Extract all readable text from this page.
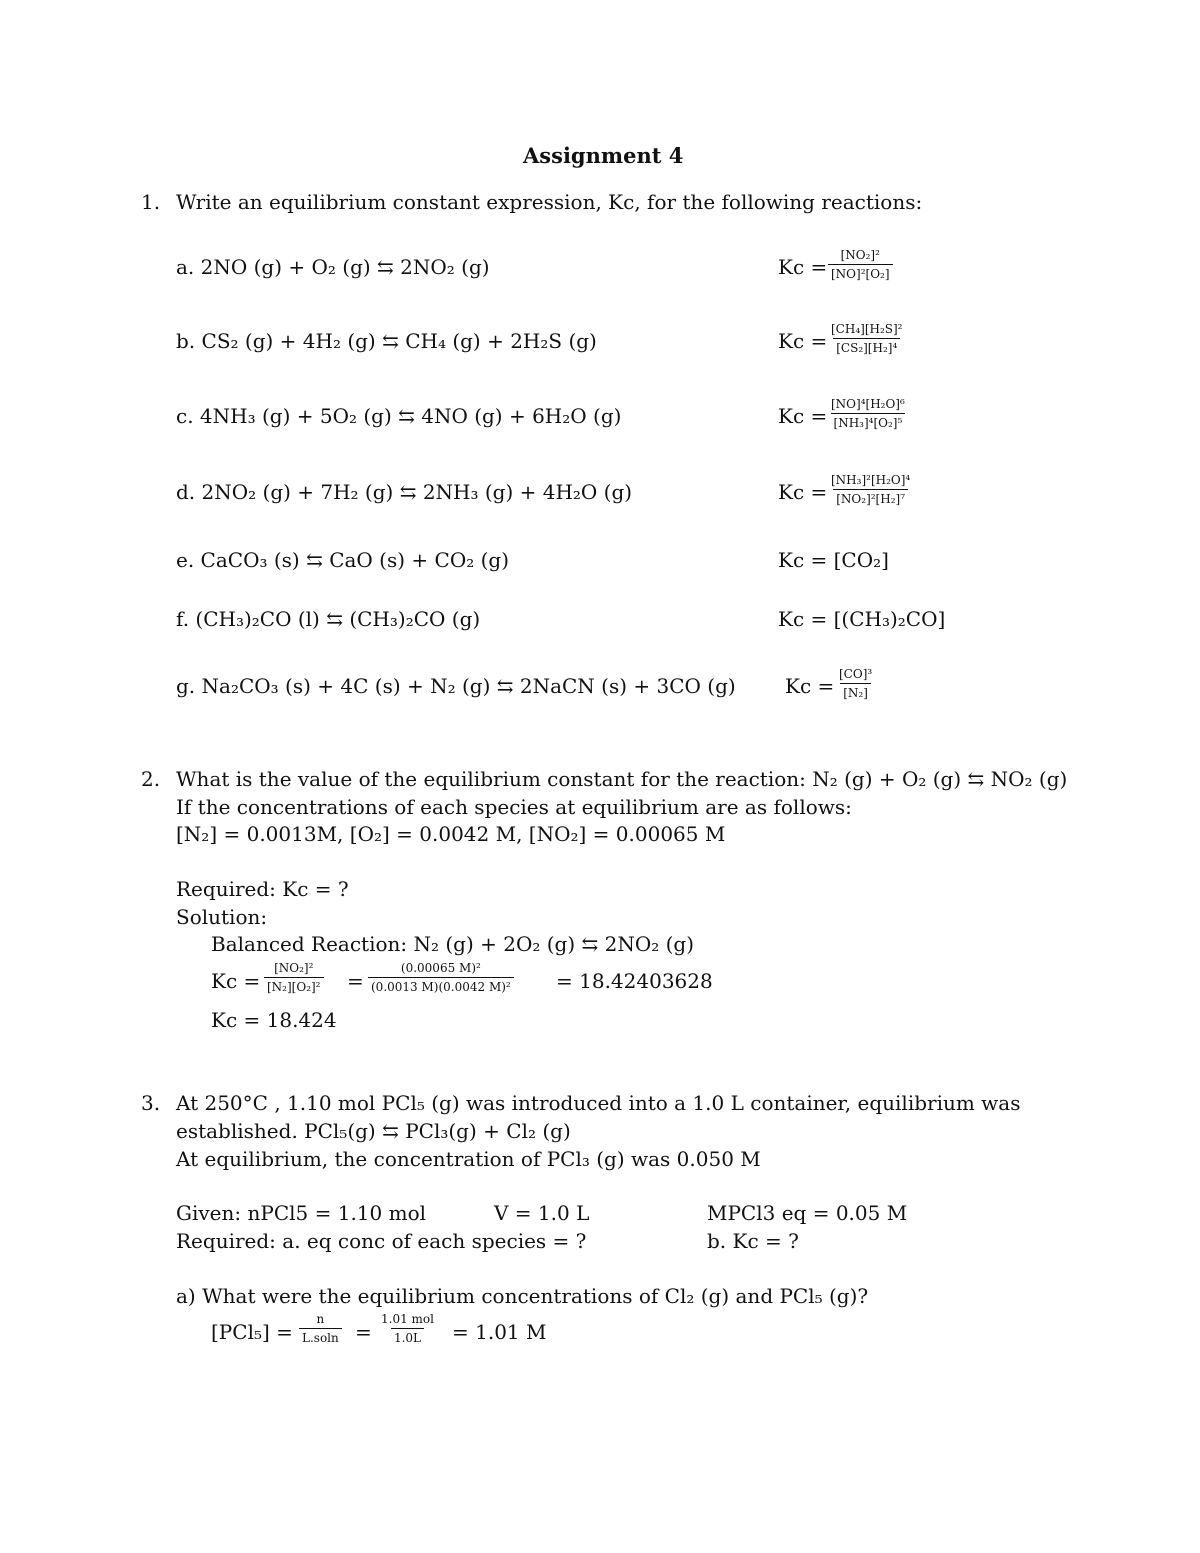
Assignment 4
1. Write an equilibrium constant expression, Kc, for the following reactions:
a. 2NO (g) + O₂ (g) ⇆ 2NO₂ (g)	$Kc = \frac{\text{[NO₂]²}}{\text{[NO]²[O₂]}}$
b. CS₂ (g) + 4H₂ (g) ⇆ CH₄ (g) + 2H₂S (g)	$Kc = \frac{\text{[CH₄][H₂S]²}}{\text{[CS₂][H₂]⁴}}$
c. 4NH₃ (g) + 5O₂ (g) ⇆ 4NO (g) + 6H₂O (g)	$Kc = \frac{\text{[NO]⁴[H₂O]⁶}}{\text{[NH₃]⁴[O₂]⁵}}$
d. 2NO₂ (g) + 7H₂ (g) ⇆ 2NH₃ (g) + 4H₂O (g)	$Kc = \frac{\text{[NH₃]²[H₂O]⁴}}{\text{[NO₂]²[H₂]⁷}}$
e. CaCO₃ (s) ⇆ CaO (s) + CO₂ (g)	Kc = [CO₂]
f. (CH₃)₂CO (l) ⇆ (CH₃)₂CO (g)	Kc = [(CH₃)₂CO]
g. Na₂CO₃ (s) + 4C (s) + N₂ (g) ⇆ 2NaCN (s) + 3CO (g) $Kc = \frac{\text{[CO]³}}{\text{[N₂]}}$
2. What is the value of the equilibrium constant for the reaction: N₂ (g) + O₂ (g) ⇆ NO₂ (g)
If the concentrations of each species at equilibrium are as follows:
[N₂] = 0.0013M, [O₂] = 0.0042 M, [NO₂] = 0.00065 M
Required: Kc = ?
Solution:
Balanced Reaction: N₂ (g) + 2O₂ (g) ⇆ 2NO₂ (g)
$Kc = \frac{\text{[NO₂]²}}{\text{[N₂][O₂]²}} = \frac{\text{(0.00065 M)²}}{\text{(0.0013 M)(0.0042 M)²}} = 18.42403628$
Kc = 18.424
3. At 250°C , 1.10 mol PCl₅ (g) was introduced into a 1.0 L container, equilibrium was
established. PCl₅(g) ⇆ PCl₃(g) + Cl₂ (g)
At equilibrium, the concentration of PCl₃ (g) was 0.050 M
Given: nPCl5 = 1.10 mol	V = 1.0 L	MPCl3 eq = 0.05 M
Required: a. eq conc of each species = ?	b. Kc = ?
a) What were the equilibrium concentrations of Cl₂ (g) and PCl₅ (g)?
$[PCl_5] = \frac{n}{L.soln}$ =
1.01 mol
1.0L = 1.01 M
